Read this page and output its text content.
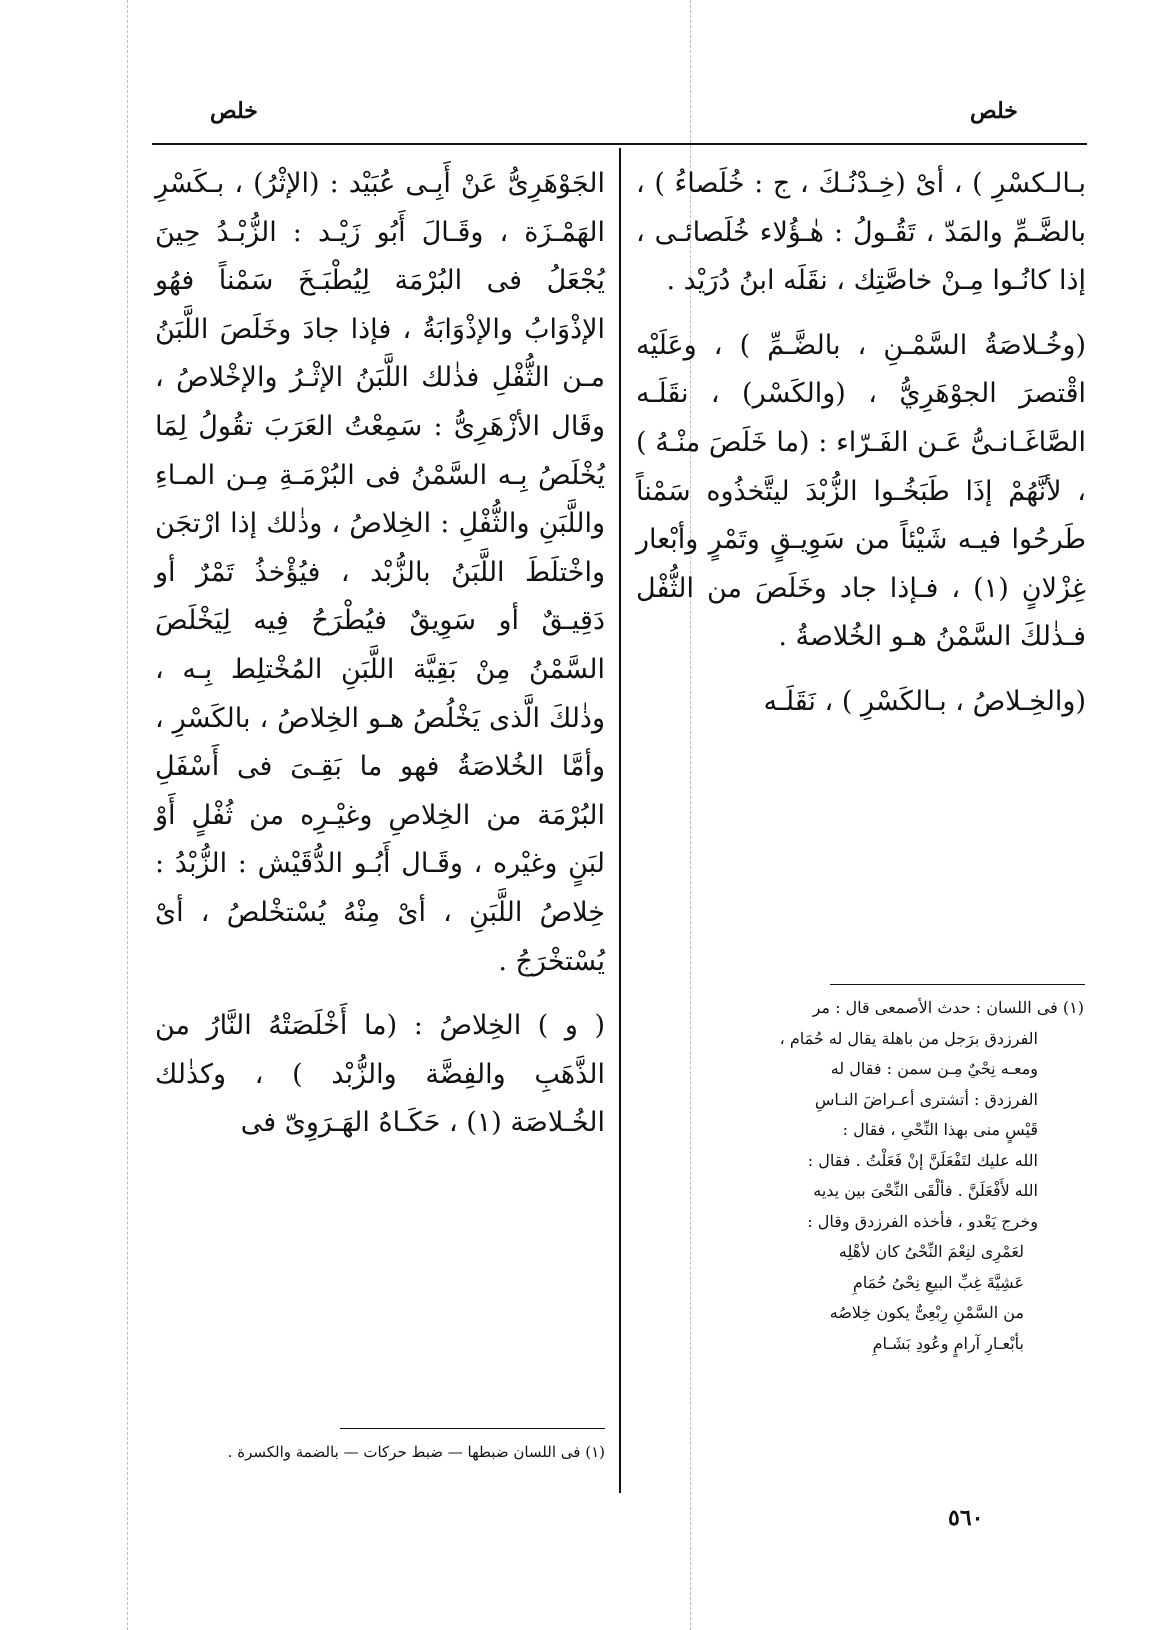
خلص
خلص

بـالـكسْرِ ) ، أىْ (خِـدْنُـكَ ، ج : خُلَصاءُ ) ، بالضَّـمِّ والمَدّ ، تَقُـولُ : هٰـؤُلاء خُلَصائـى ، إذا كانُـوا مِـنْ خاصَّتِك ، نقَلَه ابنُ دُرَيْد .

(وخُـلاصَةُ السَّمْـنِ ، بالضَّـمِّ ) ، وعَلَيْه اقْتصرَ الجوْهَرِيُّ ، (والكَسْر) ، نقَلَـه الصَّاغَـانـىُّ عَـن الفَـرّاء : (ما خَلَصَ منْـهُ ) ، لأنَّهُمْ إذَا طَبَخُـوا الزُّبْدَ ليتَّخذُوه سَمْناً طَرحُوا فيـه شَيْئاً من سَوِيـقٍ وتَمْرٍ وأبْعار غِزْلانٍ (١) ، فـإذا جاد وخَلَصَ من الثُّفْل فـذٰلكَ السَّمْنُ هـو الخُلاصةُ .

(والخِـلاصُ ، بـالكَسْرِ ) ، نَقَلَـه

(١) فى اللسان : حدث الأصمعى قال : مر
الفرزدق برَجل من باهلة يقال له حُمَام ،
ومعـه نِحْيٌ مِـن سمن : فقال له
الفرزدق : أتشترى أعـراضَ النـاسِ
قَيْسٍ منى بهذا النِّحْىِ ، فقال :
الله عليك لتَفْعَلَنَّ إنْ فَعَلْتُ . فقال :
الله لأَفْعَلَنَّ . فألْقَى النِّحْىَ بين يديه
وخرج يَعْدو ، فأخذه الفرزدق وقال :
لعَمْرِى لنِعْمَ النِّحْىُ كان لأهْلِه
عَشِيَّةَ غِبِّ البيعِ نِحْىُ حُمَامِ
من السَّمْنِ رِبْعِىٌّ يكون خِلاصُه
بأبْعـارِ آرامٍ وعُودِ بَشَـامِ

الجَوْهَرِىُّ عَنْ أَبِـى عُبَيْد : (الإثْرُ) ، بـكَسْرِ الهَمْـزَة ، وقَـالَ أَبُو زَيْـد : الزُّبْـدُ حِينَ يُجْعَلُ فى البُرْمَة لِيُطْبَـخَ سَمْناً فهُو الإذْوَابُ والإذْوَابَةُ ، فإذا جادَ وخَلَصَ اللَّبَنُ مـن الثُّفْلِ فذٰلك اللَّبَنُ الإثْـرُ والإخْلاصُ ، وقَال الأزْهَرِىُّ : سَمِعْتُ العَرَبَ تقُولُ لِمَا يُخْلَصُ بِـه السَّمْنُ فى البُرْمَـةِ مِـن المـاءِ واللَّبَنِ والثُّفْلِ : الخِلاصُ ، وذٰلك إذا ارْتجَن واخْتلَطَ اللَّبَنُ بالزُّبْد ، فيُؤْخذُ تَمْرٌ أو دَقِيـقٌ أو سَوِيقٌ فيُطْرَحُ فِيه لِيَخْلَصَ السَّمْنُ مِنْ بَقِيَّة اللَّبَنِ المُخْتلِط بِـه ، وذٰلكَ الَّذى يَخْلُصُ هـو الخِلاصُ ، بالكَسْرِ ، وأمَّا الخُلاصَةُ فهو ما بَقِـىَ فى أَسْفَلِ البُرْمَة من الخِلاصِ وغيْـرِه من ثُفْلٍ أَوْ لبَنٍ وغيْره ، وقَـال أَبُـو الدُّقَيْش : الزُّبْدُ : خِلاصُ اللَّبَنِ ، أىْ مِنْهُ يُسْتخْلصُ ، أىْ يُسْتخْرَجُ .

( و ) الخِلاصُ : (ما أَخْلَصَتْهُ النَّارُ من الذَّهَبِ والفِضَّة والزُّبْد ) ، وكذٰلك الخُـلاصَة (١) ، حَكَـاهُ الهَـرَوِىّ فى

(١) فى اللسان ضبطها — ضبط حركات — بالضمة والكسرة .
٥٦٠
